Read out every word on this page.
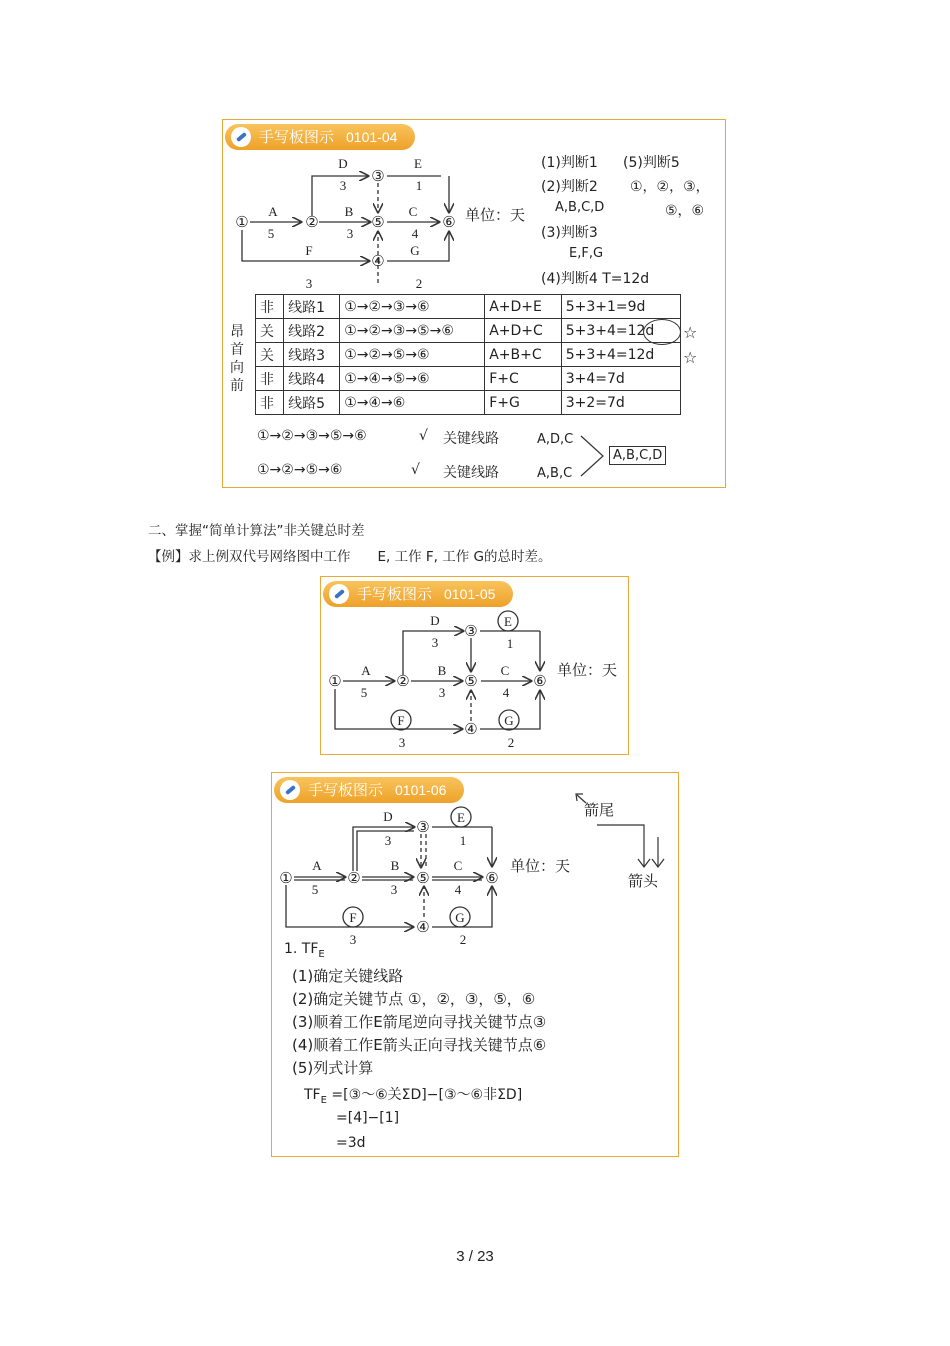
手写板图示 0101-04
①	②
③
④
⑤	⑥
A
5
D
3
E
1
B
3
C
4
F
3
G
2
单位：天
(1)判断1 (5)判断5
(2)判断2 ①，②，③，
A,B,C,D	⑤，⑥
(3)判断3
E,F,G
(4)判断4 T=12d
昂
首
向
前
非	线路1	①→②→③→⑥	A+D+E	5+3+1=9d
关	线路2	①→②→③→⑤→⑥	A+D+C	5+3+4=12d
关	线路3	①→②→⑤→⑥	A+B+C	5+3+4=12d
非	线路4	①→④→⑤→⑥	F+C	3+4=7d
非	线路5	①→④→⑥	F+G	3+2=7d
☆
☆
①→②→③→⑤→⑥	√ 关键线路
①→②→⑤→⑥	√ 关键线路
A,D,C
A,B,C
A,B,C,D
二、掌握“简单计算法”非关键总时差
【例】求上例双代号网络图中工作　　E, 工作 F, 工作 G的总时差。
手写板图示 0101-05
①	②
③
④
⑤	⑥
A
5
D
3
E
1
B
3
C
4
F
3
G
2
单位：天
手写板图示 0101-06
①	②
③
④
⑤	⑥
A
5
D
3
E
1
B
3
C
4
F
3
G
2
单位：天
箭尾
箭头
1. $TF_E$
(1)确定关键线路
(2)确定关键节点 ①，②，③，⑤，⑥
(3)顺着工作E箭尾逆向寻找关键节点③
(4)顺着工作E箭头正向寻找关键节点⑥
(5)列式计算
$TF_E$ =[③～⑥关ΣD]−[③～⑥非ΣD]
=[4]−[1]
=3d
3 / 23
